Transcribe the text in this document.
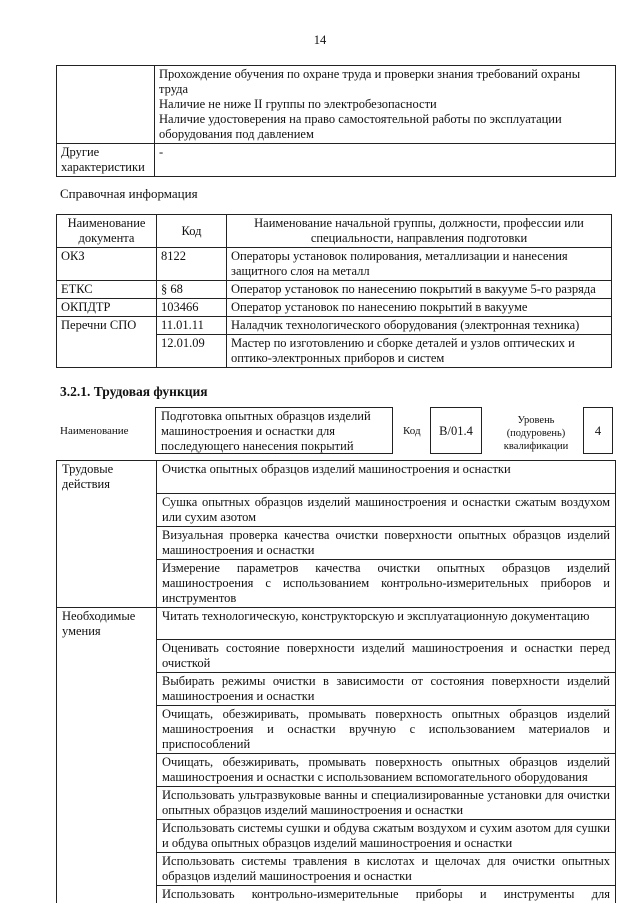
14

	Прохождение обучения по охране труда и проверки знания требований охраны труда
Наличие не ниже II группы по электробезопасности
Наличие удостоверения на право самостоятельной работы по эксплуатации оборудования под давлением

Другие характеристики	-
Справочная информация
Наименование документа	Код	Наименование начальной группы, должности, профессии или специальности, направления подготовки
ОКЗ	8122	Операторы установок полирования, металлизации и нанесения защитного слоя на металл
ЕТКС	§ 68	Оператор установок по нанесению покрытий в вакууме 5-го разряда
ОКПДТР	103466	Оператор установок по нанесению покрытий в вакууме
Перечни СПО	11.01.11	Наладчик технологического оборудования (электронная техника)
	12.01.09	Мастер по изготовлению и сборке деталей и узлов оптических и оптико-электронных приборов и систем
3.2.1. Трудовая функция
Наименование
Подготовка опытных образцов изделий машиностроения и оснастки для последующего нанесения покрытий
Код	В/01.4
Уровень (подуровень) квалификации
4
Трудовые действия	Очистка опытных образцов изделий машиностроения и оснастки
	Сушка опытных образцов изделий машиностроения и оснастки сжатым воздухом или сухим азотом
	Визуальная проверка качества очистки поверхности опытных образцов изделий машиностроения и оснастки
	Измерение параметров качества очистки опытных образцов изделий машиностроения с использованием контрольно-измерительных приборов и инструментов
Необходимые умения	Читать технологическую, конструкторскую и эксплуатационную документацию
	Оценивать состояние поверхности изделий машиностроения и оснастки перед очисткой
	Выбирать режимы очистки в зависимости от состояния поверхности изделий машиностроения и оснастки
	Очищать, обезжиривать, промывать поверхность опытных образцов изделий машиностроения и оснастки вручную с использованием материалов и приспособлений
	Очищать, обезжиривать, промывать поверхность опытных образцов изделий машиностроения и оснастки с использованием вспомогательного оборудования
	Использовать ультразвуковые ванны и специализированные установки для очистки опытных образцов изделий машиностроения и оснастки
	Использовать системы сушки и обдува сжатым воздухом и сухим азотом для сушки и обдува опытных образцов изделий машиностроения и оснастки
	Использовать системы травления в кислотах и щелочах для очистки опытных образцов изделий машиностроения и оснастки
	Использовать контрольно-измерительные приборы и инструменты для
